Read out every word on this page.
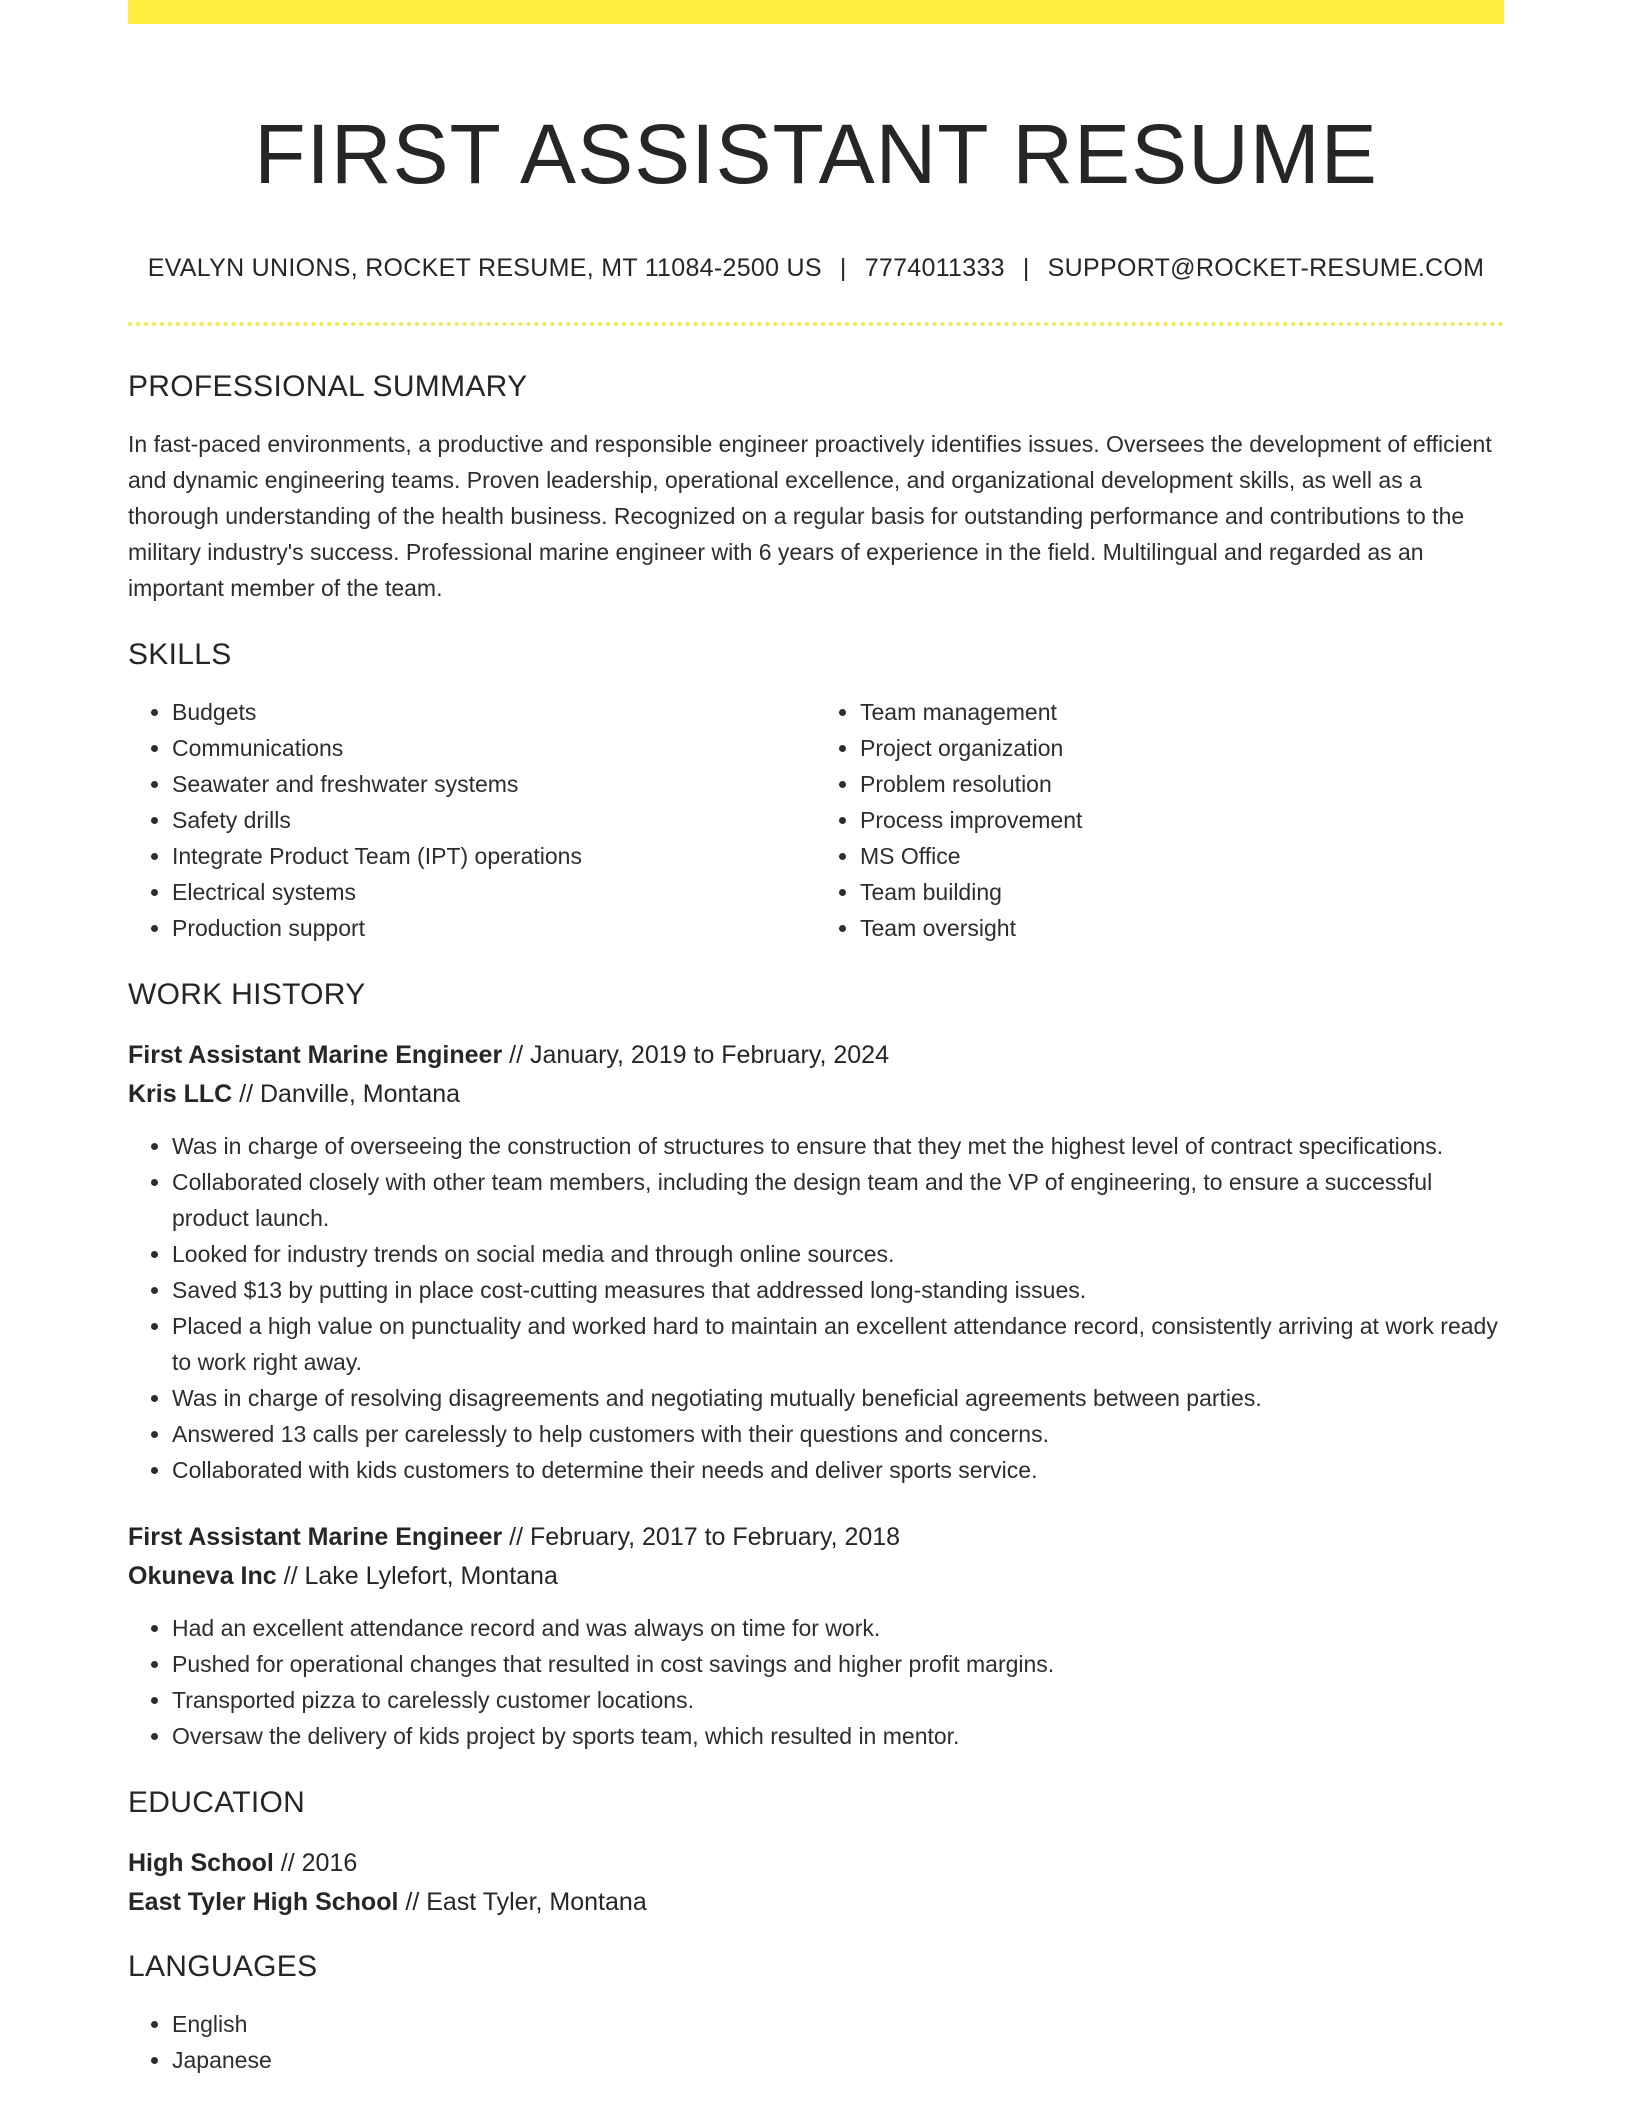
FIRST ASSISTANT RESUME
EVALYN UNIONS, ROCKET RESUME, MT 11084-2500 US | 7774011333 | SUPPORT@ROCKET-RESUME.COM
PROFESSIONAL SUMMARY

In fast-paced environments, a productive and responsible engineer proactively identifies issues. Oversees the development of efficient and dynamic engineering teams. Proven leadership, operational excellence, and organizational development skills, as well as a thorough understanding of the health business. Recognized on a regular basis for outstanding performance and contributions to the military industry's success. Professional marine engineer with 6 years of experience in the field. Multilingual and regarded as an important member of the team.

SKILLS
• Budgets
• Communications
• Seawater and freshwater systems
• Safety drills
• Integrate Product Team (IPT) operations
• Electrical systems
• Production support
• Team management
• Project organization
• Problem resolution
• Process improvement
• MS Office
• Team building
• Team oversight
WORK HISTORY
First Assistant Marine Engineer // January, 2019 to February, 2024
Kris LLC // Danville, Montana
• Was in charge of overseeing the construction of structures to ensure that they met the highest level of contract specifications.
• Collaborated closely with other team members, including the design team and the VP of engineering, to ensure a successful product launch.
• Looked for industry trends on social media and through online sources.
• Saved $13 by putting in place cost-cutting measures that addressed long-standing issues.
• Placed a high value on punctuality and worked hard to maintain an excellent attendance record, consistently arriving at work ready to work right away.
• Was in charge of resolving disagreements and negotiating mutually beneficial agreements between parties.
• Answered 13 calls per carelessly to help customers with their questions and concerns.
• Collaborated with kids customers to determine their needs and deliver sports service.
First Assistant Marine Engineer // February, 2017 to February, 2018
Okuneva Inc // Lake Lylefort, Montana
• Had an excellent attendance record and was always on time for work.
• Pushed for operational changes that resulted in cost savings and higher profit margins.
• Transported pizza to carelessly customer locations.
• Oversaw the delivery of kids project by sports team, which resulted in mentor.
EDUCATION
High School // 2016
East Tyler High School // East Tyler, Montana
LANGUAGES
• English
• Japanese
